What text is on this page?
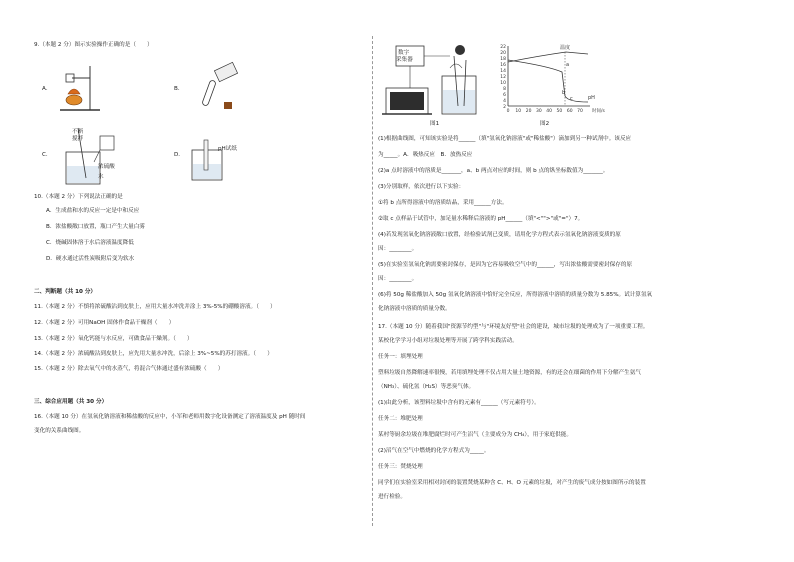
9.（本题 2 分）图示实验操作正确的是（　　）
A．	B．
C．
不断
搅拌
浓硫酸
水
D．
pH试纸
10.（本题 2 分）下列说法正确的是
A．生成盐和水的反应一定是中和反应
B．浓盐酸敞口放置，瓶口产生大量白雾
C．烧碱固体溶于水后溶液温度降低
D．硬水通过活性炭吸附后变为软水
二、判断题（共 10 分）
11.（本题 2 分）不慎将浓硫酸沾到皮肤上，应用大量水冲洗并涂上 3%-5%的硼酸溶液。（　　）
12.（本题 2 分）可用NaOH 固体作食品干燥剂（　　）
13.（本题 2 分）氧化钙能与水反应，可做食品干燥剂。（　　）
14.（本题 2 分）浓硫酸沾到皮肤上，应先用大量水冲洗，后涂上 3%~5%的苏打溶液。（　　）
15.（本题 2 分）除去氧气中的水蒸气，将混合气体通过盛有浓硫酸（　　）
三、综合应用题（共 30 分）
16.（本题 10 分）在氢氧化钠溶液和稀盐酸的反应中，小军和老师用数字化设备测定了溶液温度及 pH 随时间
变化的关系曲线图。
数字
采集器
图1
22
20
18
16
14
12
10
8
6
4
2
0 10 20 30 40 50 60 70 时间/s
温度
pH
a
b
c
图2
(1)根据曲线图，可知该实验是将______（填"氢氧化钠溶液"或"稀盐酸"）滴加到另一种试剂中。该反应
为_____。A．吸热反应　B．放热反应
(2)a 点时溶液中的溶质是_______，a、b 两点对应的时间，则 b 点的纵坐标数值为_______。
(3)分别取样，依次进行以下实验：
①将 b 点所得溶液中的溶质结晶，采用______方法。
②取 c 点样品于试管中，加足量水稀释后溶液的 pH______（填"<"">"或"="）7。
(4)若发现氢氧化钠溶液敞口放置，经检验试剂已变质，请用化学方程式表示氢氧化钠溶液变质的原
因：________。
(5)在实验室氢氧化钠需要密封保存，是因为它容易吸收空气中的______，写出浓盐酸需要密封保存的原
因：________。
(6)将 50g 稀盐酸加入 50g 氢氧化钠溶液中恰好完全反应，所得溶液中溶质的质量分数为 5.85%。试计算氢氧
化钠溶液中溶质的质量分数。
17.（本题 10 分）随着我国"资源节约型"与"环境友好型"社会的建设，城市垃圾的处理成为了一项重要工程。
某校化学学习小组对垃圾处理等开展了跨学科实践活动。
任务一：填埋处理
塑料垃圾自然降解速率很慢，若用填埋处理不仅占用大量土地资源，有的还会在细菌的作用下分解产生氨气
（NH₃）、硫化氢（H₂S）等恶臭气体。
(1)由此分析，该塑料垃圾中含有的元素有______（写元素符号）。
任务二：堆肥处理
某村等厨余垃圾在堆肥腐烂时可产生沼气（主要成分为 CH₄），用于家庭供能。
(2)沼气在空气中燃烧的化学方程式为_____。
任务三：焚烧处理
同学们在实验室采用相对封闭的装置焚烧某种含 C、H、O 元素的垃圾，对产生的废气成分按如图所示的装置
进行检验。
